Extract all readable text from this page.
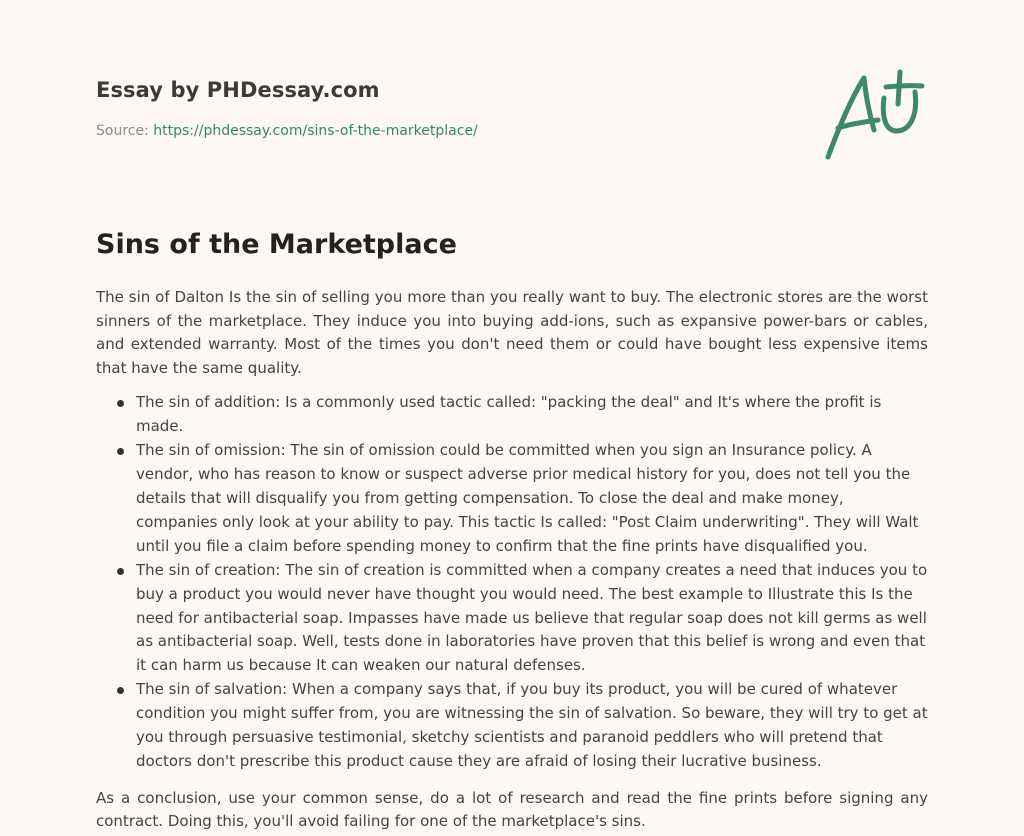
Essay by PHDessay.com
Source: https://phdessay.com/sins-of-the-marketplace/
Sins of the Marketplace

The sin of Dalton Is the sin of selling you more than you really want to buy. The electronic stores are the worst sinners of the marketplace. They induce you into buying add-ions, such as expansive power-bars or cables, and extended warranty. Most of the times you don't need them or could have bought less expensive items that have the same quality.

The sin of addition: Is a commonly used tactic called: "packing the deal" and It's where the profit is made.
The sin of omission: The sin of omission could be committed when you sign an Insurance policy. A vendor, who has reason to know or suspect adverse prior medical history for you, does not tell you the details that will disqualify you from getting compensation. To close the deal and make money, companies only look at your ability to pay. This tactic Is called: "Post Claim underwriting". They will Walt until you file a claim before spending money to confirm that the fine prints have disqualified you.
The sin of creation: The sin of creation is committed when a company creates a need that induces you to buy a product you would never have thought you would need. The best example to Illustrate this Is the need for antibacterial soap. Impasses have made us believe that regular soap does not kill germs as well as antibacterial soap. Well, tests done in laboratories have proven that this belief is wrong and even that it can harm us because It can weaken our natural defenses.
The sin of salvation: When a company says that, if you buy its product, you will be cured of whatever condition you might suffer from, you are witnessing the sin of salvation. So beware, they will try to get at you through persuasive testimonial, sketchy scientists and paranoid peddlers who will pretend that doctors don't prescribe this product cause they are afraid of losing their lucrative business.

As a conclusion, use your common sense, do a lot of research and read the fine prints before signing any contract. Doing this, you'll avoid failing for one of the marketplace's sins.
